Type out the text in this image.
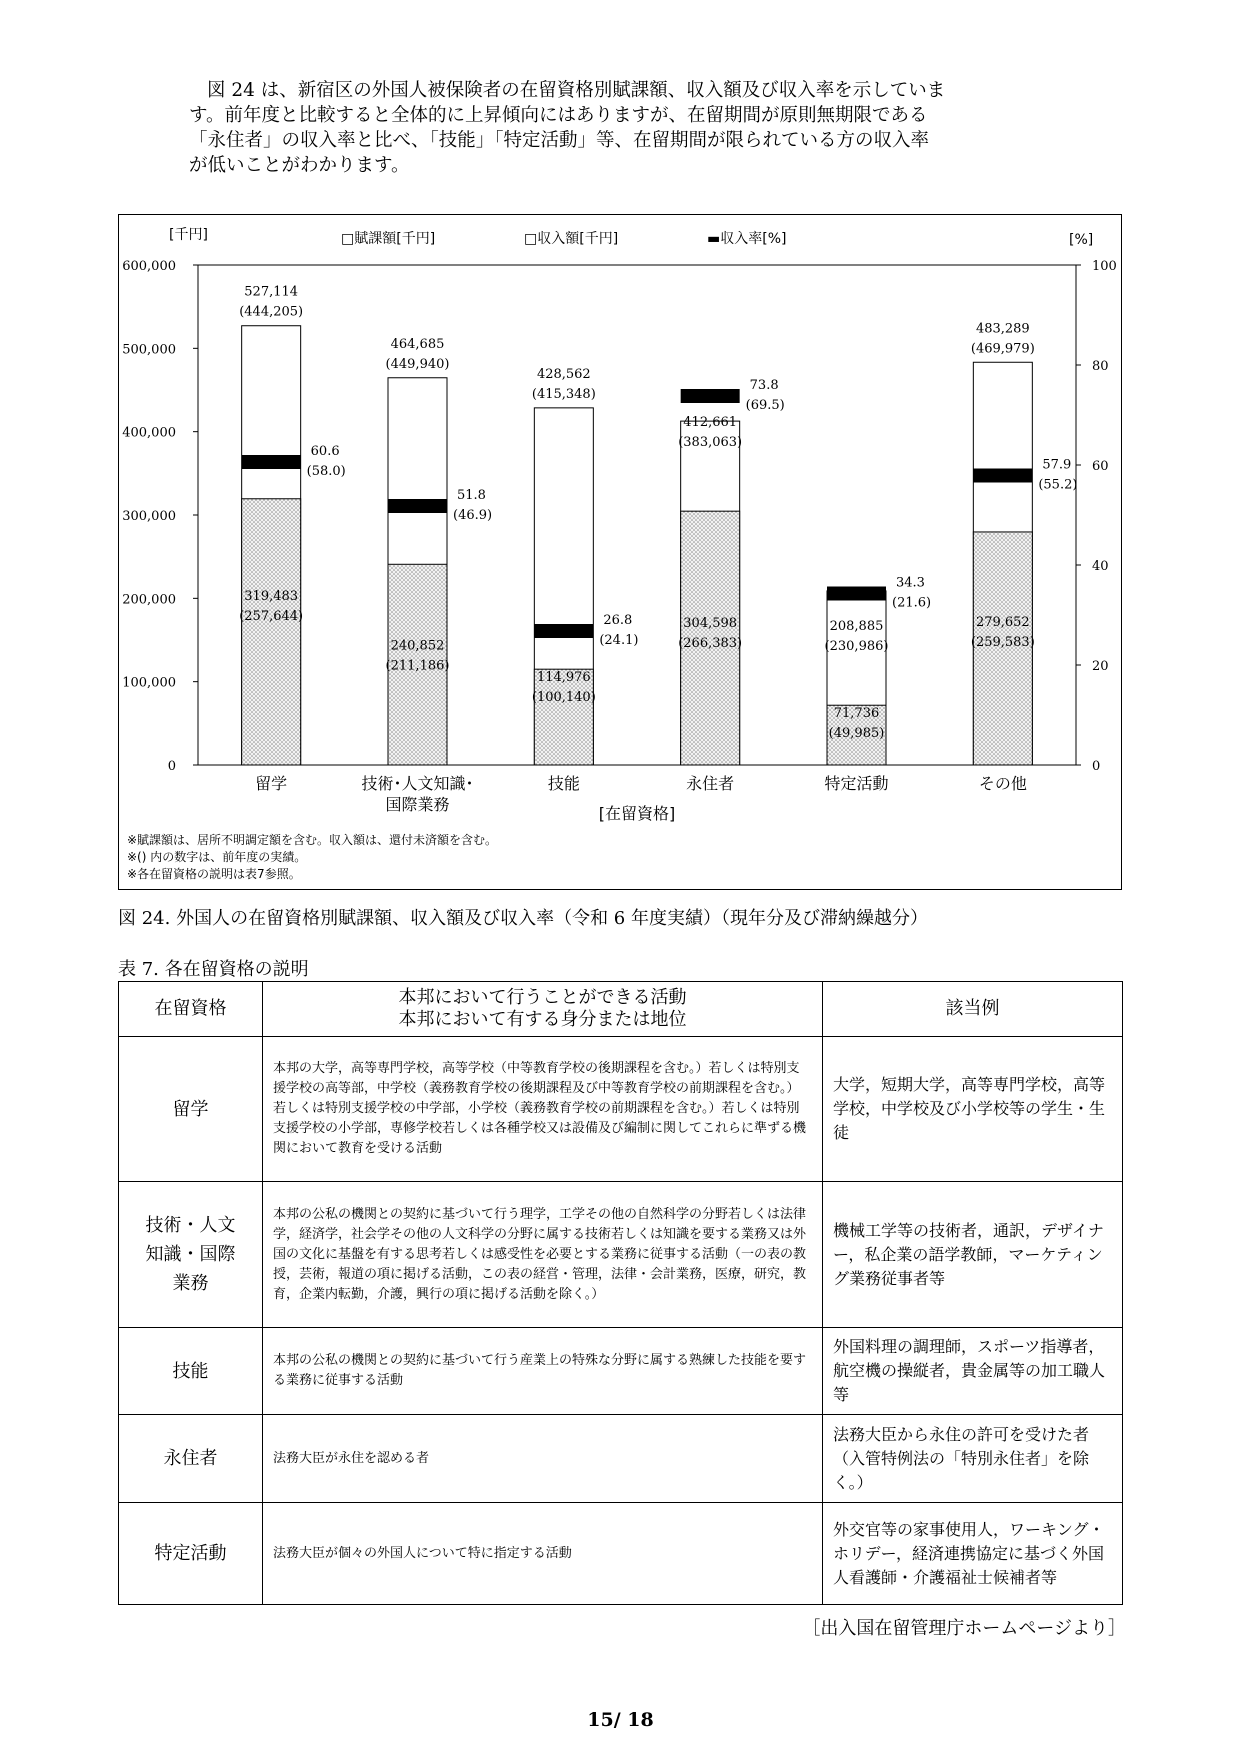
図 24 は、新宿区の外国人被保険者の在留資格別賦課額、収入額及び収入率を示していま

す。前年度と比較すると全体的に上昇傾向にはありますが、在留期間が原則無期限である

「永住者」の収入率と比べ、「技能」「特定活動」等、在留期間が限られている方の収入率

が低いことがわかります。

0
100,000
200,000
300,000
400,000
500,000
600,000
0
20
40
60
80
100
[千円]	[%]
□賦課額[千円]	□収入額[千円]	▬収入率[%]
留学
527,114
(444,205)
319,483
(257,644)
60.6
(58.0)
技術･人文知識･
国際業務
464,685
(449,940)
240,852
(211,186)
51.8
(46.9)
技能
428,562
(415,348)
114,976
(100,140)
26.8
(24.1)
永住者
412,661
(383,063)
304,598
(266,383)
73.8
(69.5)
特定活動
208,885
(230,986)
71,736
(49,985)
34.3
(21.6)
その他
483,289
(469,979)
279,652
(259,583)
57.9
(55.2)
[在留資格]
※賦課額は、居所不明調定額を含む。収入額は、還付未済額を含む。
※() 内の数字は、前年度の実績。
※各在留資格の説明は表7参照。
図 24. 外国人の在留資格別賦課額、収入額及び収入率（令和 6 年度実績）（現年分及び滞納繰越分）
表 7. 各在留資格の説明
在留資格	本邦において行うことができる活動
本邦において有する身分または地位	該当例
留学	本邦の大学，高等専門学校，高等学校（中等教育学校の後期課程を含む。）若しくは特別支援学校の高等部，中学校（義務教育学校の後期課程及び中等教育学校の前期課程を含む。）若しくは特別支援学校の中学部，小学校（義務教育学校の前期課程を含む。）若しくは特別支援学校の小学部，専修学校若しくは各種学校又は設備及び編制に関してこれらに準ずる機関において教育を受ける活動	大学，短期大学，高等専門学校，高等学校，中学校及び小学校等の学生・生徒
技術・人文
知識・国際
業務	本邦の公私の機関との契約に基づいて行う理学，工学その他の自然科学の分野若しくは法律学，経済学，社会学その他の人文科学の分野に属する技術若しくは知識を要する業務又は外国の文化に基盤を有する思考若しくは感受性を必要とする業務に従事する活動（一の表の教授，芸術，報道の項に掲げる活動，この表の経営・管理，法律・会計業務，医療，研究，教育，企業内転勤，介護，興行の項に掲げる活動を除く。）	機械工学等の技術者，通訳，デザイナー，私企業の語学教師，マーケティング業務従事者等
技能	本邦の公私の機関との契約に基づいて行う産業上の特殊な分野に属する熟練した技能を要する業務に従事する活動	外国料理の調理師，スポーツ指導者，航空機の操縦者，貴金属等の加工職人等
永住者	法務大臣が永住を認める者	法務大臣から永住の許可を受けた者（入管特例法の「特別永住者」を除く。）
特定活動	法務大臣が個々の外国人について特に指定する活動	外交官等の家事使用人，ワーキング・ホリデー，経済連携協定に基づく外国人看護師・介護福祉士候補者等
［出入国在留管理庁ホームページより］
15/ 18
